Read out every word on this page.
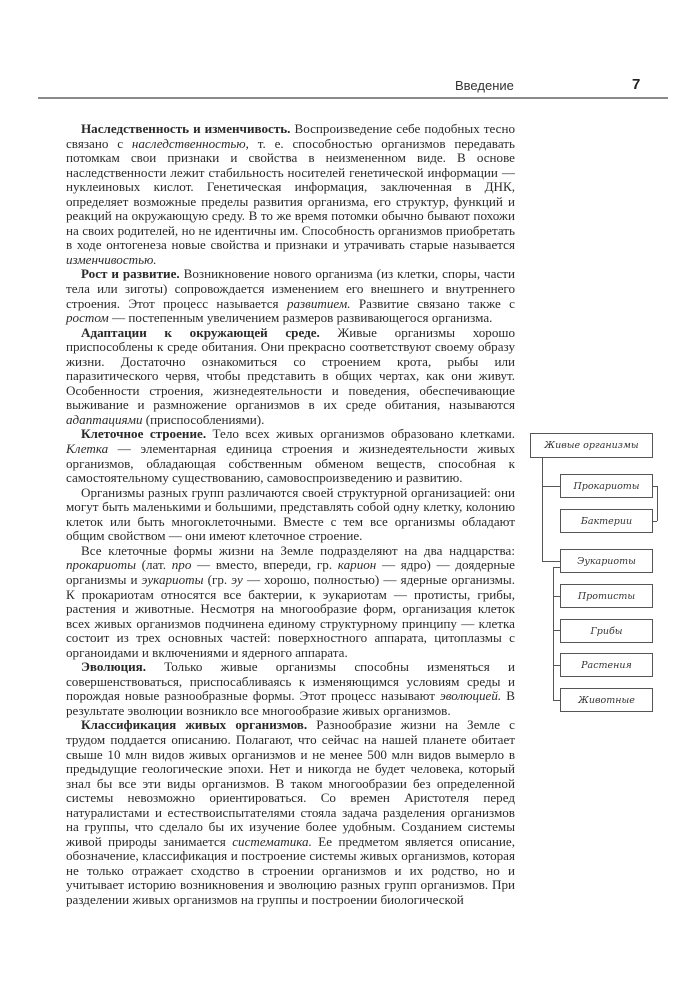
Введение	7

Наследственность и изменчивость. Воспроизведение себе подобных тесно связано с наследственностью, т. е. способностью организмов передавать потомкам свои признаки и свойства в неизмененном виде. В основе наследственности лежит стабильность носителей генетической информации — нуклеиновых кислот. Генетическая информация, заключенная в ДНК, определяет возможные пределы развития организма, его структур, функций и реакций на окружающую среду. В то же время потомки обычно бывают похожи на своих родителей, но не идентичны им. Способность организмов приобретать в ходе онтогенеза новые свойства и признаки и утрачивать старые называется изменчивостью.

Рост и развитие. Возникновение нового организма (из клетки, споры, части тела или зиготы) сопровождается изменением его внешнего и внутреннего строения. Этот процесс называется развитием. Развитие связано также с ростом — постепенным увеличением размеров развивающегося организма.

Адаптации к окружающей среде. Живые организмы хорошо приспособлены к среде обитания. Они прекрасно соответствуют своему образу жизни. Достаточно ознакомиться со строением крота, рыбы или паразитического червя, чтобы представить в общих чертах, как они живут. Особенности строения, жизнедеятельности и поведения, обеспечивающие выживание и размножение организмов в их среде обитания, называются адаптациями (приспособлениями).

Клеточное строение. Тело всех живых организмов образовано клетками. Клетка — элементарная единица строения и жизнедеятельности живых организмов, обладающая собственным обменом веществ, способная к самостоятельному существованию, самовоспроизведению и развитию.

Организмы разных групп различаются своей структурной организацией: они могут быть маленькими и большими, представлять собой одну клетку, колонию клеток или быть многоклеточными. Вместе с тем все организмы обладают общим свойством — они имеют клеточное строение.

Все клеточные формы жизни на Земле подразделяют на два надцарства: прокариоты (лат. про — вместо, впереди, гр. карион — ядро) — доядерные организмы и эукариоты (гр. эу — хорошо, полностью) — ядерные организмы. К прокариотам относятся все бактерии, к эукариотам — протисты, грибы, растения и животные. Несмотря на многообразие форм, организация клеток всех живых организмов подчинена единому структурному принципу — клетка состоит из трех основных частей: поверхностного аппарата, цитоплазмы с органоидами и включениями и ядерного аппарата.

Эволюция. Только живые организмы способны изменяться и совершенствоваться, приспосабливаясь к изменяющимся условиям среды и порождая новые разнообразные формы. Этот процесс называют эволюцией. В результате эволюции возникло все многообразие живых организмов.

Классификация живых организмов. Разнообразие жизни на Земле с трудом поддается описанию. Полагают, что сейчас на нашей планете обитает свыше 10 млн видов живых организмов и не менее 500 млн видов вымерло в предыдущие геологические эпохи. Нет и никогда не будет человека, который знал бы все эти виды организмов. В таком многообразии без определенной системы невозможно ориентироваться. Со времен Аристотеля перед натуралистами и естествоиспытателями стояла задача разделения организмов на группы, что сделало бы их изучение более удобным. Созданием системы живой природы занимается систематика. Ее предметом является описание, обозначение, классификация и построение системы живых организмов, которая не только отражает сходство в строении организмов и их родство, но и учитывает историю возникновения и эволюцию разных групп организмов. При разделении живых организмов на группы и построении биологической

Живые организмы
Прокариоты
Бактерии
Эукариоты
Протисты
Грибы
Растения
Животные
